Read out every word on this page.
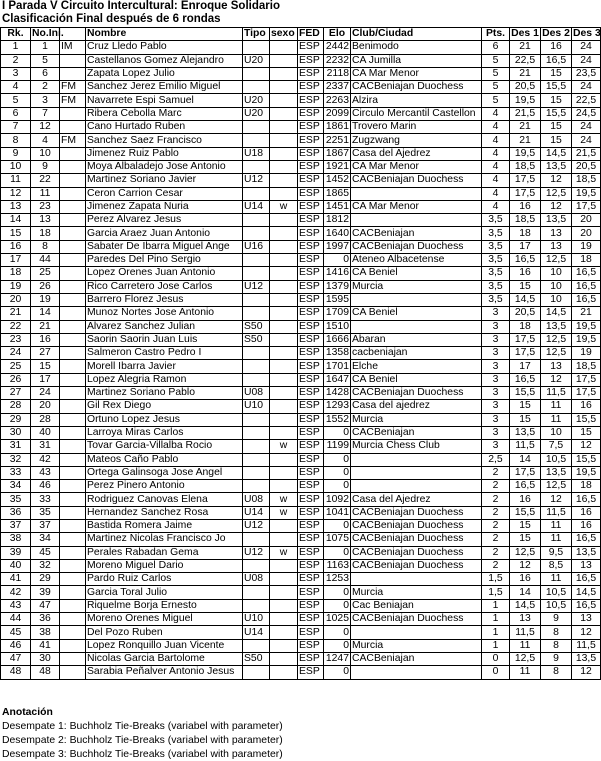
I Parada V Circuito Intercultural: Enroque Solidario
Clasificación Final después de 6 rondas
Rk.	No.Ini.		Nombre	Tipo	sexo	FED	Elo	Club/Ciudad	Pts.	Des 1	Des 2	Des 3
1	1	IM	Cruz Lledo Pablo			ESP	2442	Benimodo	6	21	16	24
2	5		Castellanos Gomez Alejandro	U20		ESP	2232	CA Jumilla	5	22,5	16,5	24
3	6		Zapata Lopez Julio			ESP	2118	CA Mar Menor	5	21	15	23,5
4	2	FM	Sanchez Jerez Emilio Miguel			ESP	2337	CACBeniajan Duochess	5	20,5	15,5	24
5	3	FM	Navarrete Espi Samuel	U20		ESP	2263	Alzira	5	19,5	15	22,5
6	7		Ribera Cebolla Marc	U20		ESP	2099	Circulo Mercantil Castellon	4	21,5	15,5	24,5
7	12		Cano Hurtado Ruben			ESP	1861	Trovero Marin	4	21	15	24
8	4	FM	Sanchez Saez Francisco			ESP	2251	Zugzwang	4	21	15	24
9	10		Jimenez Ruiz Pablo	U18		ESP	1867	Casa del Ajedrez	4	19,5	14,5	21,5
10	9		Moya Albaladejo Jose Antonio			ESP	1921	CA Mar Menor	4	18,5	13,5	20,5
11	22		Martinez Soriano Javier	U12		ESP	1452	CACBeniajan Duochess	4	17,5	12	18,5
12	11		Ceron Carrion Cesar			ESP	1865		4	17,5	12,5	19,5
13	23		Jimenez Zapata Nuria	U14	w	ESP	1451	CA Mar Menor	4	16	12	17,5
14	13		Perez Alvarez Jesus			ESP	1812		3,5	18,5	13,5	20
15	18		Garcia Araez Juan Antonio			ESP	1640	CACBeniajan	3,5	18	13	20
16	8		Sabater De Ibarra Miguel Ange	U16		ESP	1997	CACBeniajan Duochess	3,5	17	13	19
17	44		Paredes Del Pino Sergio			ESP	0	Ateneo Albacetense	3,5	16,5	12,5	18
18	25		Lopez Orenes Juan Antonio			ESP	1416	CA Beniel	3,5	16	10	16,5
19	26		Rico Carretero Jose Carlos	U12		ESP	1379	Murcia	3,5	15	10	16,5
20	19		Barrero Florez Jesus			ESP	1595		3,5	14,5	10	16,5
21	14		Munoz Nortes Jose Antonio			ESP	1709	CA Beniel	3	20,5	14,5	21
22	21		Alvarez Sanchez Julian	S50		ESP	1510		3	18	13,5	19,5
23	16		Saorin Saorin Juan Luis	S50		ESP	1666	Abaran	3	17,5	12,5	19,5
24	27		Salmeron Castro Pedro I			ESP	1358	cacbeniajan	3	17,5	12,5	19
25	15		Morell Ibarra Javier			ESP	1701	Elche	3	17	13	18,5
26	17		Lopez Alegria Ramon			ESP	1647	CA Beniel	3	16,5	12	17,5
27	24		Martinez Soriano Pablo	U08		ESP	1428	CACBeniajan Duochess	3	15,5	11,5	17,5
28	20		Gil Rex Diego	U10		ESP	1293	Casa del ajedrez	3	15	11	16
29	28		Ortuno Lopez Jesus			ESP	1552	Murcia	3	15	11	15,5
30	40		Larroya Miras Carlos			ESP	0	CACBeniajan	3	13,5	10	15
31	31		Tovar Garcia-Villalba Rocio		w	ESP	1199	Murcia Chess Club	3	11,5	7,5	12
32	42		Mateos Caño Pablo			ESP	0		2,5	14	10,5	15,5
33	43		Ortega Galinsoga Jose Angel			ESP	0		2	17,5	13,5	19,5
34	46		Perez Pinero Antonio			ESP	0		2	16,5	12,5	18
35	33		Rodriguez Canovas Elena	U08	w	ESP	1092	Casa del Ajedrez	2	16	12	16,5
36	35		Hernandez Sanchez Rosa	U14	w	ESP	1041	CACBeniajan Duochess	2	15,5	11,5	16
37	37		Bastida Romera Jaime	U12		ESP	0	CACBeniajan Duochess	2	15	11	16
38	34		Martinez Nicolas Francisco Jo			ESP	1075	CACBeniajan Duochess	2	15	11	16,5
39	45		Perales Rabadan Gema	U12	w	ESP	0	CACBeniajan Duochess	2	12,5	9,5	13,5
40	32		Moreno Miguel Dario			ESP	1163	CACBeniajan Duochess	2	12	8,5	13
41	29		Pardo Ruiz Carlos	U08		ESP	1253		1,5	16	11	16,5
42	39		Garcia Toral Julio			ESP	0	Murcia	1,5	14	10,5	14,5
43	47		Riquelme Borja Ernesto			ESP	0	Cac Beniajan	1	14,5	10,5	16,5
44	36		Moreno Orenes Miguel	U10		ESP	1025	CACBeniajan Duochess	1	13	9	13
45	38		Del Pozo Ruben	U14		ESP	0		1	11,5	8	12
46	41		Lopez Ronquillo Juan Vicente			ESP	0	Murcia	1	11	8	11,5
47	30		Nicolas Garcia Bartolome	S50		ESP	1247	CACBeniajan	0	12,5	9	13,5
48	48		Sarabia Peñalver Antonio Jesus			ESP	0		0	11	8	12
Anotación
Desempate 1: Buchholz Tie-Breaks (variabel with parameter)
Desempate 2: Buchholz Tie-Breaks (variabel with parameter)
Desempate 3: Buchholz Tie-Breaks (variabel with parameter)
